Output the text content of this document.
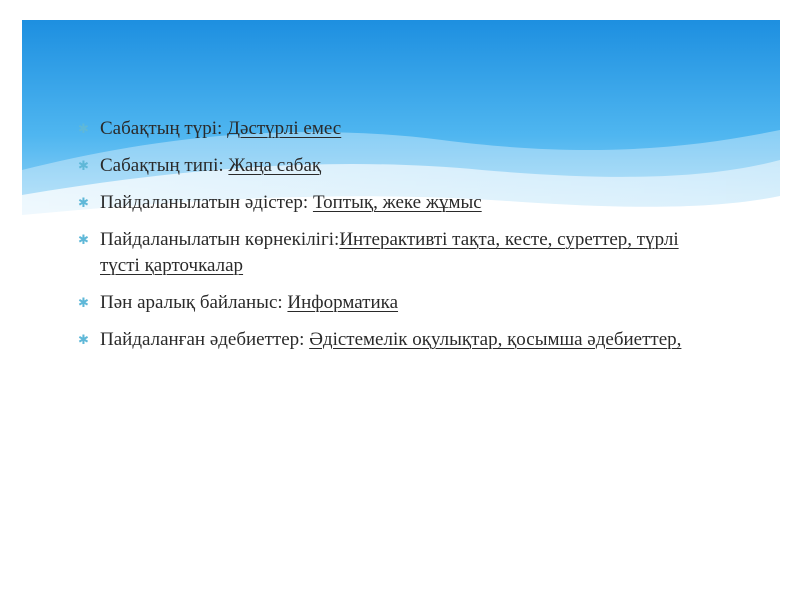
✱ Сабақтың түрі: Дәстүрлі емес
✱ Сабақтың типі: Жаңа сабақ
✱ Пайдаланылатын әдістер: Топтық, жеке жұмыс
✱ Пайдаланылатын көрнекілігі:Интерактивті тақта, кесте, суреттер, түрлі түсті қарточкалар
✱ Пән аралық байланыс: Информатика
✱ Пайдаланған әдебиеттер: Әдістемелік оқулықтар, қосымша әдебиеттер,
